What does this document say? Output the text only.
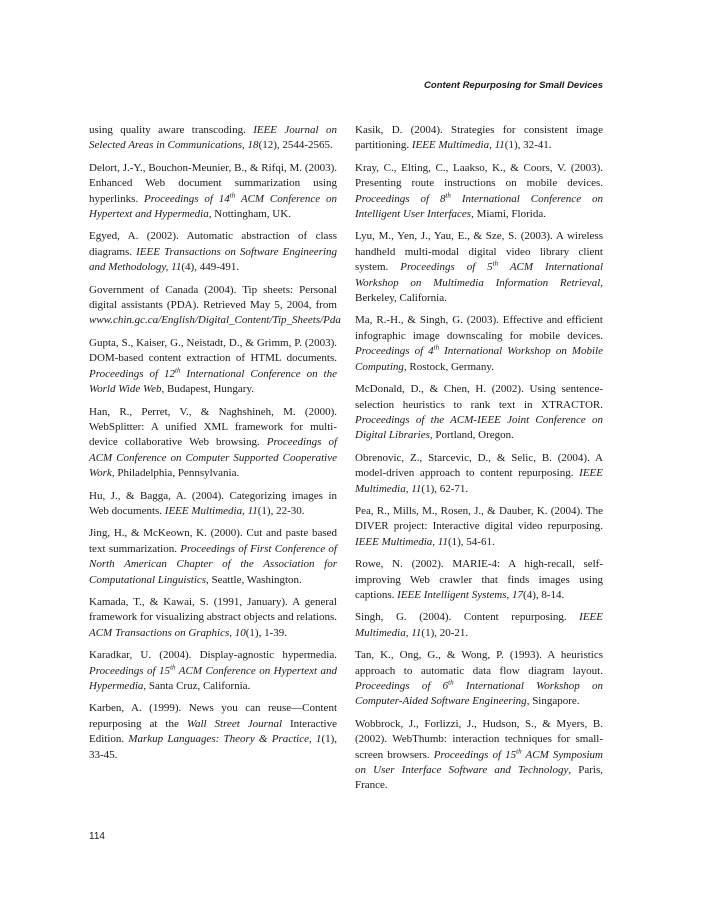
Content Repurposing for Small Devices

using quality aware transcoding. IEEE Journal on Selected Areas in Communications, 18(12), 2544-2565.

Delort, J.-Y., Bouchon-Meunier, B., & Rifqi, M. (2003). Enhanced Web document summarization using hyperlinks. Proceedings of 14th ACM Conference on Hypertext and Hypermedia, Nottingham, UK.

Egyed, A. (2002). Automatic abstraction of class diagrams. IEEE Transactions on Software Engineering and Methodology, 11(4), 449-491.

Government of Canada (2004). Tip sheets: Personal digital assistants (PDA). Retrieved May 5, 2004, from www.chin.gc.ca/English/Digital_Content/Tip_Sheets/Pda

Gupta, S., Kaiser, G., Neistadt, D., & Grimm, P. (2003). DOM-based content extraction of HTML documents. Proceedings of 12th International Conference on the World Wide Web, Budapest, Hungary.

Han, R., Perret, V., & Naghshineh, M. (2000). WebSplitter: A unified XML framework for multi-device collaborative Web browsing. Proceedings of ACM Conference on Computer Supported Cooperative Work, Philadelphia, Pennsylvania.

Hu, J., & Bagga, A. (2004). Categorizing images in Web documents. IEEE Multimedia, 11(1), 22-30.

Jing, H., & McKeown, K. (2000). Cut and paste based text summarization. Proceedings of First Conference of North American Chapter of the Association for Computational Linguistics, Seattle, Washington.

Kamada, T., & Kawai, S. (1991, January). A general framework for visualizing abstract objects and relations. ACM Transactions on Graphics, 10(1), 1-39.

Karadkar, U. (2004). Display-agnostic hypermedia. Proceedings of 15th ACM Conference on Hypertext and Hypermedia, Santa Cruz, California.

Karben, A. (1999). News you can reuse—Content repurposing at the Wall Street Journal Interactive Edition. Markup Languages: Theory & Practice, 1(1), 33-45.

Kasik, D. (2004). Strategies for consistent image partitioning. IEEE Multimedia, 11(1), 32-41.

Kray, C., Elting, C., Laakso, K., & Coors, V. (2003). Presenting route instructions on mobile devices. Proceedings of 8th International Conference on Intelligent User Interfaces, Miami, Florida.

Lyu, M., Yen, J., Yau, E., & Sze, S. (2003). A wireless handheld multi-modal digital video library client system. Proceedings of 5th ACM International Workshop on Multimedia Information Retrieval, Berkeley, California.

Ma, R.-H., & Singh, G. (2003). Effective and efficient infographic image downscaling for mobile devices. Proceedings of 4th International Workshop on Mobile Computing, Rostock, Germany.

McDonald, D., & Chen, H. (2002). Using sentence-selection heuristics to rank text in XTRACTOR. Proceedings of the ACM-IEEE Joint Conference on Digital Libraries, Portland, Oregon.

Obrenovic, Z., Starcevic, D., & Selic, B. (2004). A model-driven approach to content repurposing. IEEE Multimedia, 11(1), 62-71.

Pea, R., Mills, M., Rosen, J., & Dauber, K. (2004). The DIVER project: Interactive digital video repurposing. IEEE Multimedia, 11(1), 54-61.

Rowe, N. (2002). MARIE-4: A high-recall, self-improving Web crawler that finds images using captions. IEEE Intelligent Systems, 17(4), 8-14.

Singh, G. (2004). Content repurposing. IEEE Multimedia, 11(1), 20-21.

Tan, K., Ong, G., & Wong, P. (1993). A heuristics approach to automatic data flow diagram layout. Proceedings of 6th International Workshop on Computer-Aided Software Engineering, Singapore.

Wobbrock, J., Forlizzi, J., Hudson, S., & Myers, B. (2002). WebThumb: interaction techniques for small-screen browsers. Proceedings of 15th ACM Symposium on User Interface Software and Technology, Paris, France.

114
